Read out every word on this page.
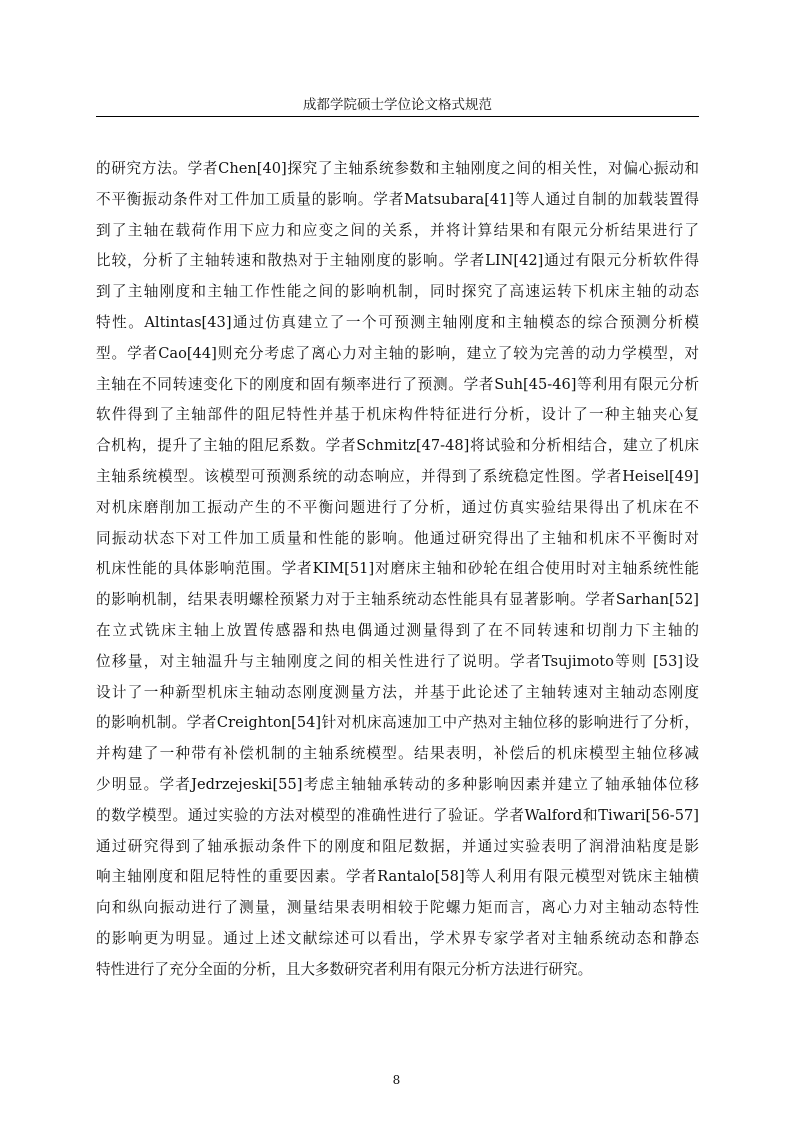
成都学院硕士学位论文格式规范
的研究方法。学者Chen[40]探究了主轴系统参数和主轴刚度之间的相关性，对偏心振动和
不平衡振动条件对工件加工质量的影响。学者Matsubara[41]等人通过自制的加载装置得
到了主轴在载荷作用下应力和应变之间的关系，并将计算结果和有限元分析结果进行了
比较，分析了主轴转速和散热对于主轴刚度的影响。学者LIN[42]通过有限元分析软件得
到了主轴刚度和主轴工作性能之间的影响机制，同时探究了高速运转下机床主轴的动态
特性。Altintas[43]通过仿真建立了一个可预测主轴刚度和主轴模态的综合预测分析模
型。学者Cao[44]则充分考虑了离心力对主轴的影响，建立了较为完善的动力学模型，对
主轴在不同转速变化下的刚度和固有频率进行了预测。学者Suh[45-46]等利用有限元分析
软件得到了主轴部件的阻尼特性并基于机床构件特征进行分析，设计了一种主轴夹心复
合机构，提升了主轴的阻尼系数。学者Schmitz[47-48]将试验和分析相结合，建立了机床
主轴系统模型。该模型可预测系统的动态响应，并得到了系统稳定性图。学者Heisel[49]
对机床磨削加工振动产生的不平衡问题进行了分析，通过仿真实验结果得出了机床在不
同振动状态下对工件加工质量和性能的影响。他通过研究得出了主轴和机床不平衡时对
机床性能的具体影响范围。学者KIM[51]对磨床主轴和砂轮在组合使用时对主轴系统性能
的影响机制，结果表明螺栓预紧力对于主轴系统动态性能具有显著影响。学者Sarhan[52]
在立式铣床主轴上放置传感器和热电偶通过测量得到了在不同转速和切削力下主轴的
位移量，对主轴温升与主轴刚度之间的相关性进行了说明。学者Tsujimoto等则 [53]设
设计了一种新型机床主轴动态刚度测量方法，并基于此论述了主轴转速对主轴动态刚度
的影响机制。学者Creighton[54]针对机床高速加工中产热对主轴位移的影响进行了分析，
并构建了一种带有补偿机制的主轴系统模型。结果表明，补偿后的机床模型主轴位移减
少明显。学者Jedrzejeski[55]考虑主轴轴承转动的多种影响因素并建立了轴承轴体位移
的数学模型。通过实验的方法对模型的准确性进行了验证。学者Walford和Tiwari[56-57]
通过研究得到了轴承振动条件下的刚度和阻尼数据，并通过实验表明了润滑油粘度是影
响主轴刚度和阻尼特性的重要因素。学者Rantalo[58]等人利用有限元模型对铣床主轴横
向和纵向振动进行了测量，测量结果表明相较于陀螺力矩而言，离心力对主轴动态特性
的影响更为明显。通过上述文献综述可以看出，学术界专家学者对主轴系统动态和静态
特性进行了充分全面的分析，且大多数研究者利用有限元分析方法进行研究。
8
